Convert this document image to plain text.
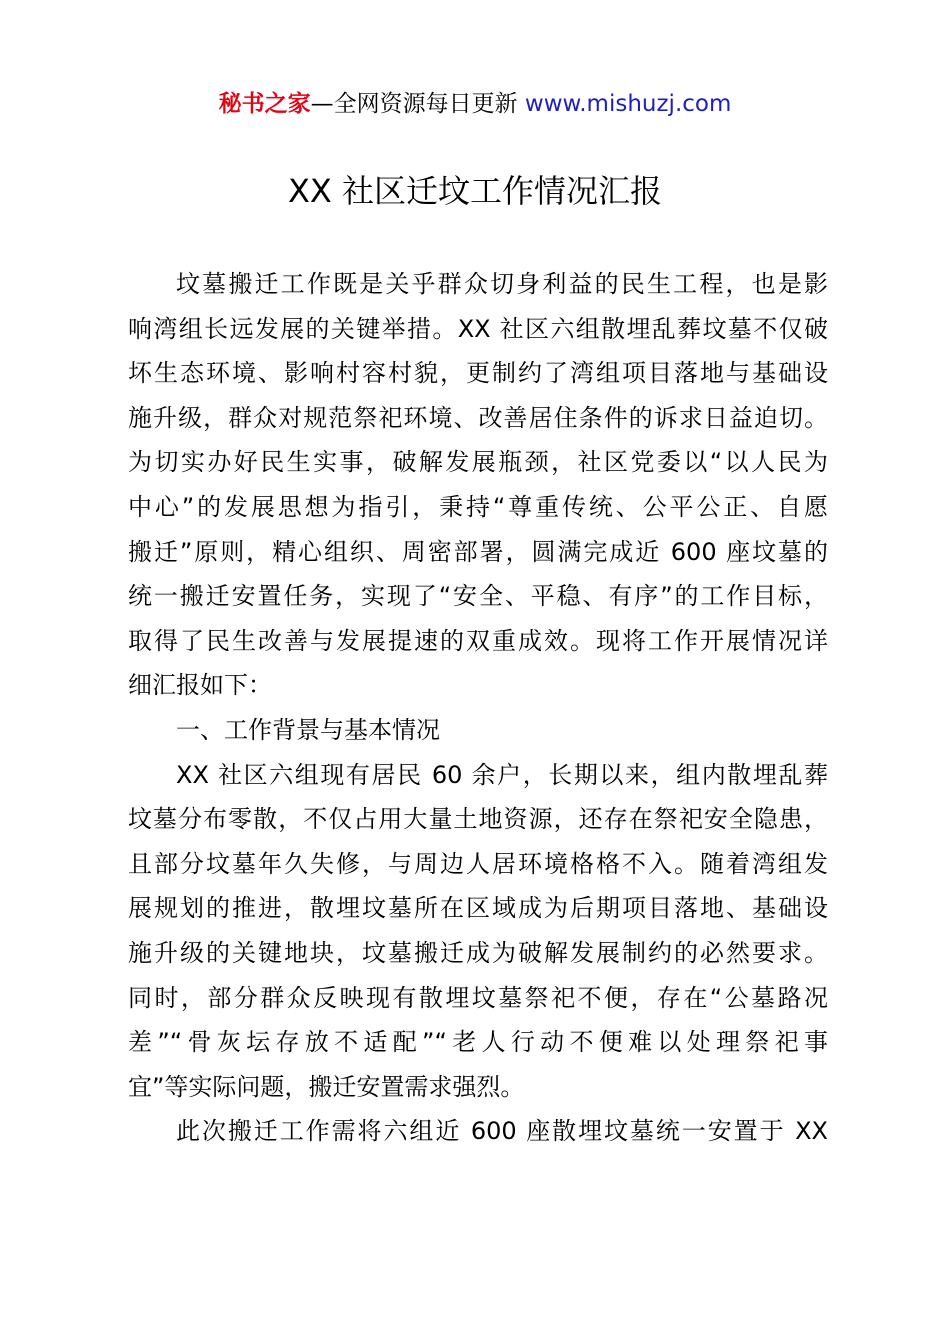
秘书之家—全网资源每日更新 www.mishuzj.com
XX 社区迁坟工作情况汇报
坟墓搬迁工作既是关乎群众切身利益的民生工程，也是影
响湾组长远发展的关键举措。XX 社区六组散埋乱葬坟墓不仅破
坏生态环境、影响村容村貌，更制约了湾组项目落地与基础设
施升级，群众对规范祭祀环境、改善居住条件的诉求日益迫切。
为切实办好民生实事，破解发展瓶颈，社区党委以“以人民为
中心”的发展思想为指引，秉持“尊重传统、公平公正、自愿
搬迁”原则，精心组织、周密部署，圆满完成近 600 座坟墓的
统一搬迁安置任务，实现了“安全、平稳、有序”的工作目标，
取得了民生改善与发展提速的双重成效。现将工作开展情况详
细汇报如下：
一、工作背景与基本情况
XX 社区六组现有居民 60 余户，长期以来，组内散埋乱葬
坟墓分布零散，不仅占用大量土地资源，还存在祭祀安全隐患，
且部分坟墓年久失修，与周边人居环境格格不入。随着湾组发
展规划的推进，散埋坟墓所在区域成为后期项目落地、基础设
施升级的关键地块，坟墓搬迁成为破解发展制约的必然要求。
同时，部分群众反映现有散埋坟墓祭祀不便，存在“公墓路况
差”“骨灰坛存放不适配”“老人行动不便难以处理祭祀事
宜”等实际问题，搬迁安置需求强烈。
此次搬迁工作需将六组近 600 座散埋坟墓统一安置于 XX
